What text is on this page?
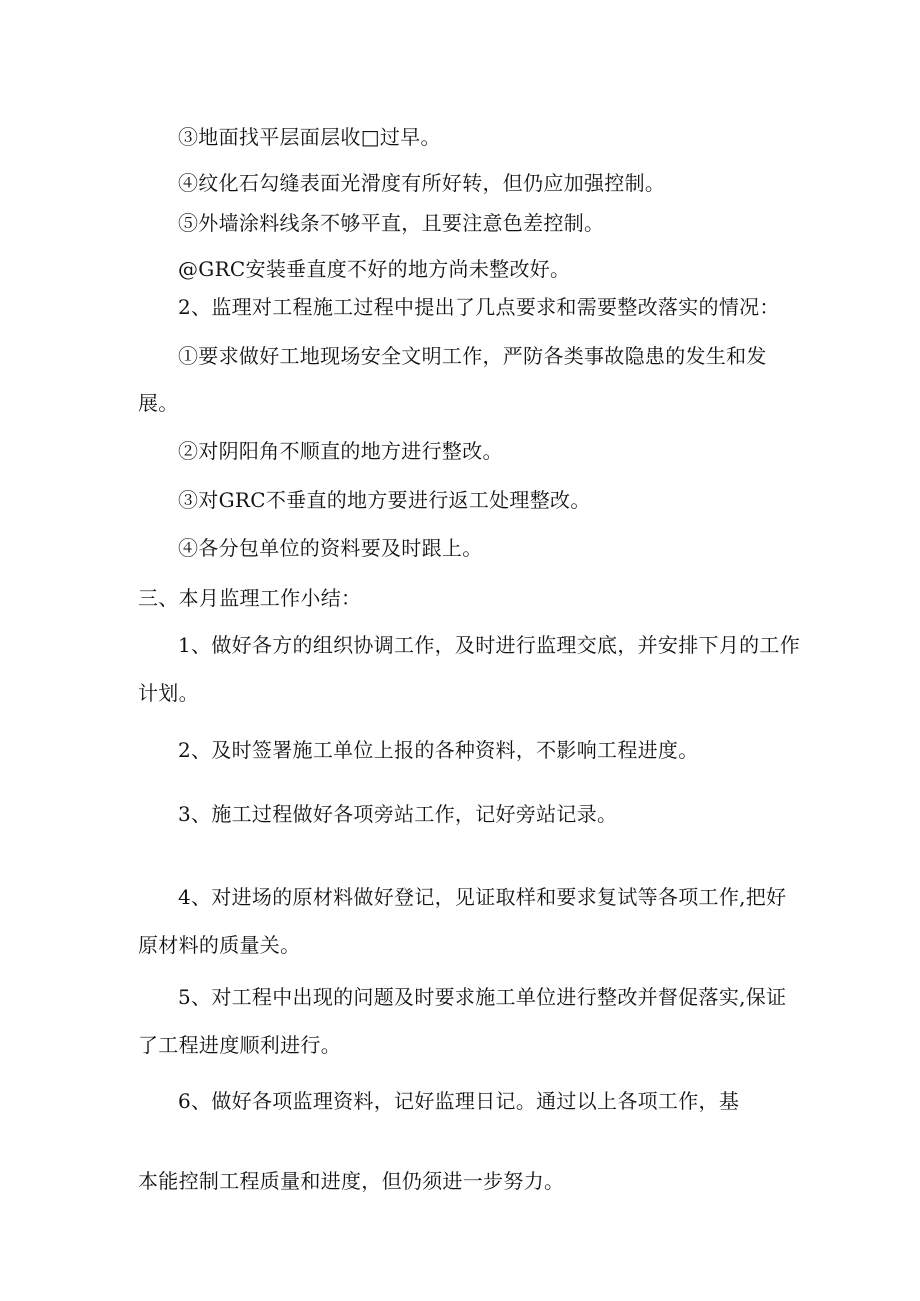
③地面找平层面层收□过早。
④纹化石勾缝表面光滑度有所好转，但仍应加强控制。
⑤外墙涂料线条不够平直，且要注意色差控制。
@GRC安装垂直度不好的地方尚未整改好。
2、监理对工程施工过程中提出了几点要求和需要整改落实的情况：
①要求做好工地现场安全文明工作，严防各类事故隐患的发生和发
展。
②对阴阳角不顺直的地方进行整改。
③对GRC不垂直的地方要进行返工处理整改。
④各分包单位的资料要及时跟上。
三、本月监理工作小结：
1、做好各方的组织协调工作，及时进行监理交底，并安排下月的工作
计划。
2、及时签署施工单位上报的各种资料，不影响工程进度。
3、施工过程做好各项旁站工作，记好旁站记录。
4、对进场的原材料做好登记，见证取样和要求复试等各项工作,把好
原材料的质量关。
5、对工程中出现的问题及时要求施工单位进行整改并督促落实,保证
了工程进度顺利进行。
6、做好各项监理资料，记好监理日记。通过以上各项工作，基
本能控制工程质量和进度，但仍须进一步努力。
